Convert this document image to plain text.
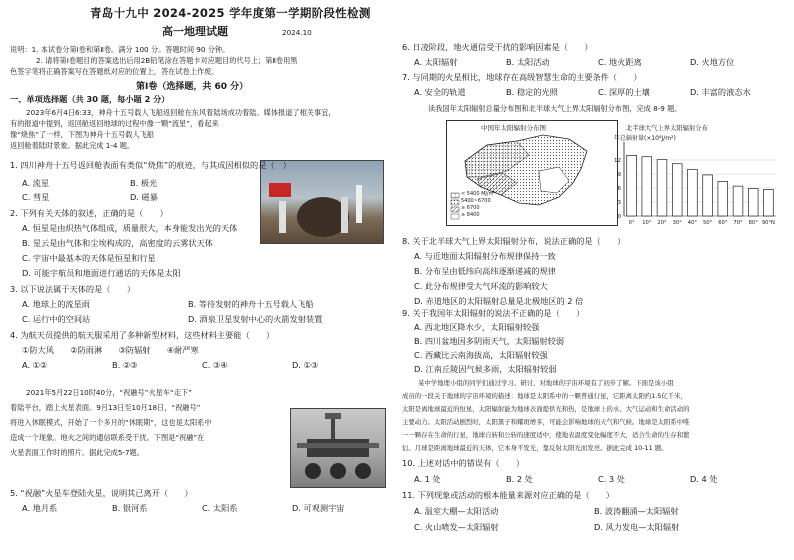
青岛十九中 2024-2025 学年度第一学期阶段性检测
高一地理试题	2024.10
说明：1. 本试卷分第Ⅰ卷和第Ⅱ卷。满分 100 分。答题时间 90 分钟。
2. 请将第Ⅰ卷题目的答案选出后用2B铅笔涂在答题卡对应题目的代号上；第Ⅱ卷用黑
色签字笔将正确答案写在答题纸对应的位置上，答在试卷上作废。
第Ⅰ卷（选择题，共 60 分）
一、单项选择题（共 30 题，每小题 2 分）
2023年6月4日6:33，神舟十五号载人飞船返回舱在东风着陆场成功着陆。媒体报道了相关事宜，
有的报道中提到，返回舱返回地球的过程中像一颗“流星”，看起来
像“烧焦”了一样，下图为神舟十五号载人飞船
返回舱着陆时景象。据此完成 1-4 题。
1. 四川神舟十五号返回舱表面有类似“烧焦”的痕迹，与其成因相似的是（　）
A. 流星	B. 极光
C. 彗星	D. 磁暴
2. 下列有关天体的叙述，正确的是（　　）
A. 恒星是由炽热气体组成，质量很大，本身能发出光的天体
B. 星云是由气体和尘埃构成的，高密度的云雾状天体
C. 宇宙中最基本的天体是恒星和行星
D. 可能宇航员和地面进行通话的天体是太阳
3. 以下说法属于天体的是（　　）
A. 地球上的流星雨	B. 等待发射的神舟十五号载人飞船
C. 运行中的空间站	D. 酒泉卫星发射中心的火箭发射装置
4. 为航天员提供的航天服采用了多种新型材料，这些材料主要能（　　）
①防大风　　②防雨淋　　③防辐射　　④耐严寒
A. ①②	B. ②③	C. ③④	D. ①③
2021年5月22日10时40分，“祝融号”火星车“走下”
着陆平台，踏上火星表面。9月13日至10月18日，“祝融号”
将进入休眠模式，开始了一个多月的“休眠期”，这也是太阳系中
造成一个现象。地火之间的通信联系受干扰。下图是“祝融”在
火星表面工作时的照片。据此完成5-7题。
5. “祝融”火星车登陆火星，说明其已离开（　　）
A. 地月系	B. 银河系	C. 太阳系	D. 可观测宇宙
6. 日凌阶段，地火通信受干扰的影响因素是（　　）
A. 太阳辐射	B. 太阳活动	C. 地火距离	D. 火地方位
7. 与同期的火星相比，地球存在高级智慧生命的主要条件（　　）
A. 安全的轨道	B. 稳定的光照	C. 深厚的土壤	D. 丰富的液态水
读我国年太阳辐射总量分布图和北半球大气上界太阳辐射分布图，完成 8-9 题。
中国年太阳辐射分布图
< 5400 MJ/m²
5400~6700
≥ 6700
≥ 8400
北半球大气上界太阳辐射分布
年总辐射量(×10⁸J/m²)
0
3
6
9
12
0° 10° 20° 30° 40° 50° 60° 70° 80° 90°N
8. 关于北半球大气上界太阳辐射分布，说法正确的是（　　）
A. 与近地面太阳辐射分布规律保持一致
B. 分布呈由低纬向高纬逐渐递减的规律
C. 此分布规律受大气环流的影响较大
D. 赤道地区的太阳辐射总量是北极地区的 2 倍
9. 关于我国年太阳辐射的说法不正确的是（　　）
A. 西北地区降水少，太阳辐射较强
B. 四川盆地因多阴雨天气，太阳辐射较弱
C. 西藏比云南海拔高，太阳辐射较强
D. 江南丘陵因气候多雨，太阳辐射较弱
某中学地理小组的同学们通过学习、研讨，对地球的宇宙环境有了初步了解。下面是该小组
成员的一段关于地球的宇宙环境的描述：地球是太阳系中的一颗普通行星，它距离太阳约1.5亿千米，
太阳是离地球最近的恒星，太阳辐射能为地球表面提供光和热，是地球上的水、大气运动和生命活动的
主要动力。太阳活动剧烈时，太阳黑子和耀斑增多，可能会影响地球的天气和气候。地球是太阳系中唯
一一颗存在生命的行星，地球自转和公转的速度适中，使地表温度变化幅度不大，适合生命的生存和繁
衍。月球是距离地球最近的天体，它本身不发光，靠反射太阳光而发亮。据此完成 10-11 题。
10. 上述对话中的错误有（　　）
A. 1 处	B. 2 处	C. 3 处	D. 4 处
11. 下列现象或活动的根本能量来源对应正确的是（　　）
A. 温室大棚—太阳活动	B. 波涛翻涌—太阳辐射
C. 火山喷发—太阳辐射	D. 风力发电—太阳辐射
